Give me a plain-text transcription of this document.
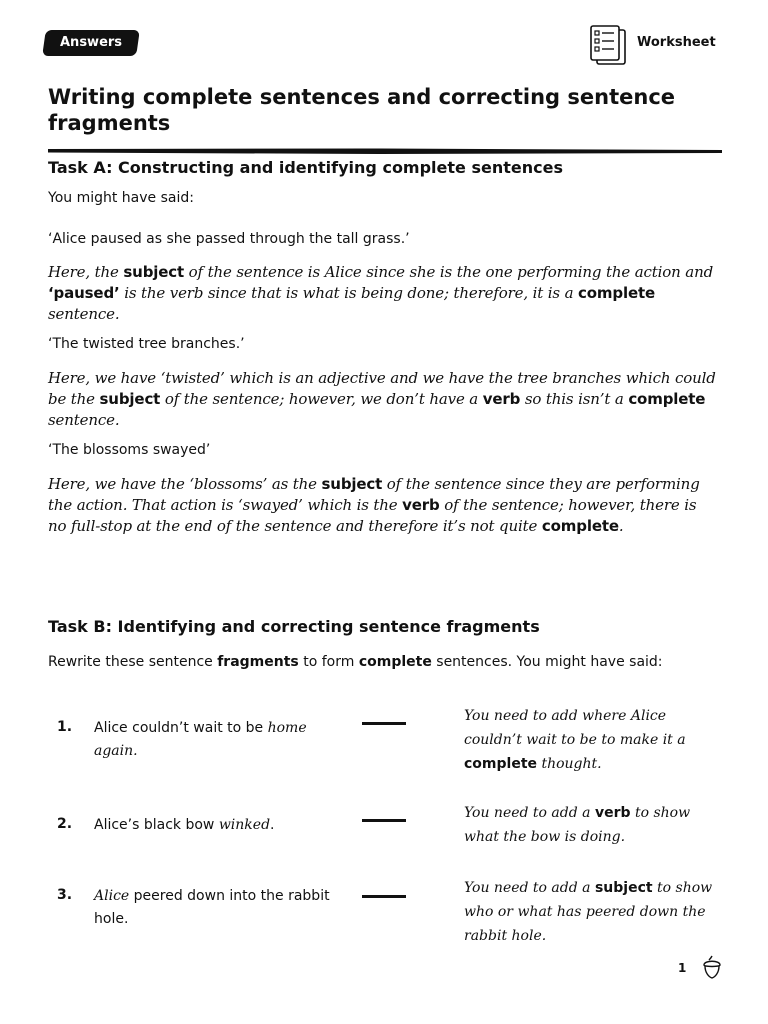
Answers	Worksheet
Writing complete sentences and correcting sentence fragments
Task A: Constructing and identifying complete sentences

You might have said:

‘Alice paused as she passed through the tall grass.’

Here, the subject of the sentence is Alice since she is the one performing the action and ‘paused’ is the verb since that is what is being done; therefore, it is a complete sentence.

‘The twisted tree branches.’

Here, we have ‘twisted’ which is an adjective and we have the tree branches which could be the subject of the sentence; however, we don’t have a verb so this isn’t a complete sentence.

‘The blossoms swayed’

Here, we have the ‘blossoms’ as the subject of the sentence since they are performing the action. That action is ‘swayed’ which is the verb of the sentence; however, there is no full-stop at the end of the sentence and therefore it’s not quite complete.

Task B: Identifying and correcting sentence fragments

Rewrite these sentence fragments to form complete sentences. You might have said:

1. Alice couldn’t wait to be home
again.
You need to add where Alice couldn’t wait to be to make it a complete thought.
2. Alice’s black bow winked.
You need to add a verb to show what the bow is doing.
3. Alice peered down into the rabbit hole.
You need to add a subject to show who or what has peered down the rabbit hole.
1
